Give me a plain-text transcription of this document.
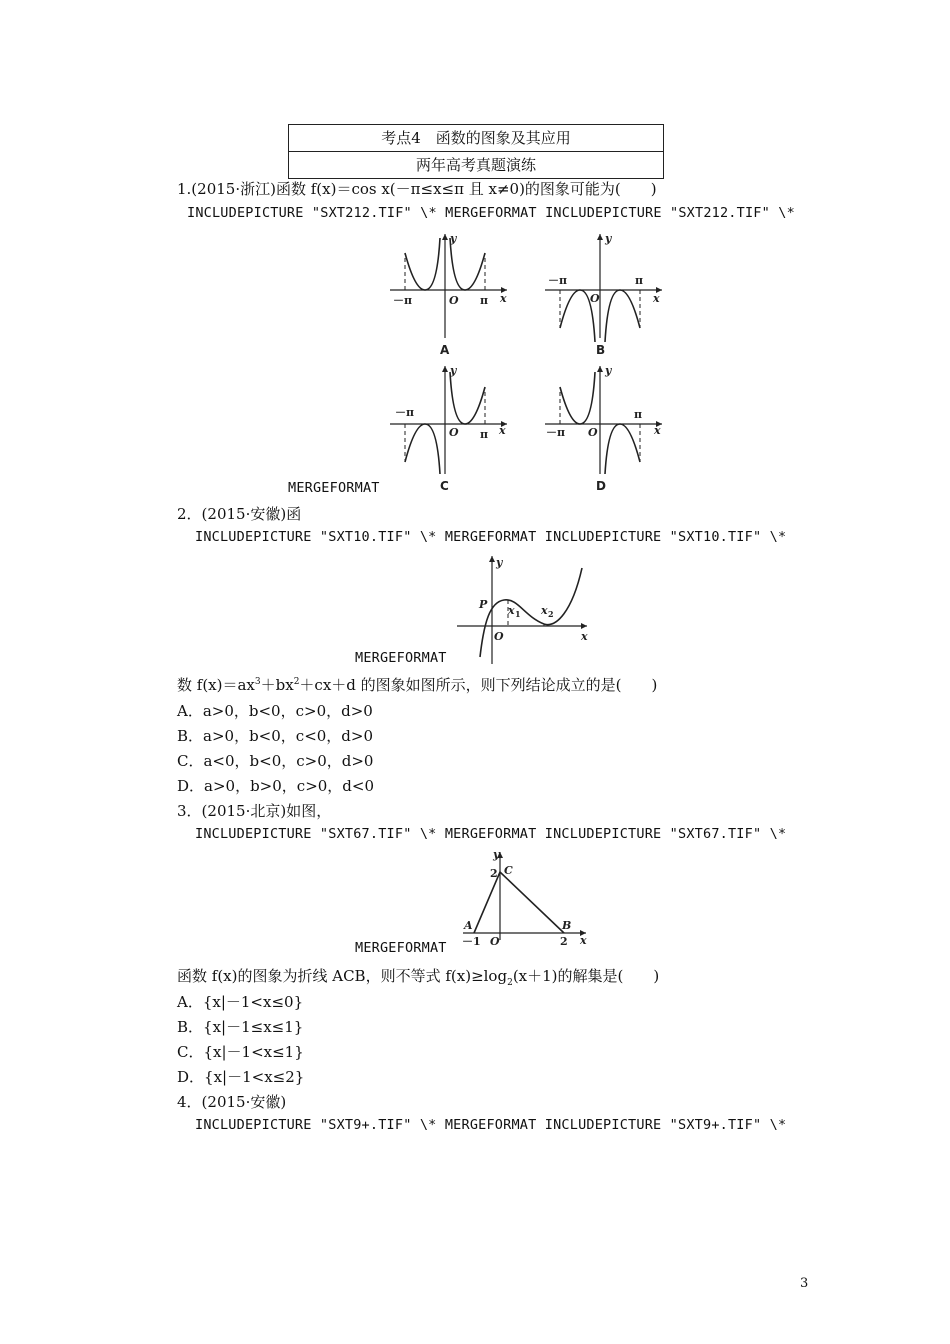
考点4　函数的图象及其应用
两年高考真题演练
1.(2015·浙江)函数 f(x)＝cos x(－π≤x≤π 且 x≠0)的图象可能为(　　)
INCLUDEPICTURE "SXT212.TIF" \* MERGEFORMAT INCLUDEPICTURE "SXT212.TIF" \*
－π	O π x
y
A
－π
O
π
x
y
B
－π
O π x
y
C
－π O
π
x
y
D
MERGEFORMAT
2．(2015·安徽)函
INCLUDEPICTURE "SXT10.TIF" \* MERGEFORMAT INCLUDEPICTURE "SXT10.TIF" \*
P x 1 x 2
O	x
y
MERGEFORMAT
数 $f(x)=ax^3+bx^2+cx+d$ 的图象如图所示，则下列结论成立的是(　　)
A．a>0，b<0，c>0，d>0
B．a>0，b<0，c<0，d>0
C．a<0，b<0，c>0，d>0
D．a>0，b>0，c>0，d<0
3．(2015·北京)如图，
INCLUDEPICTURE "SXT67.TIF" \* MERGEFORMAT INCLUDEPICTURE "SXT67.TIF" \*
y
2 C
A	B
－1 O	2 x
MERGEFORMAT
函数 f(x)的图象为折线 ACB，则不等式 $f(x)\ge\log_2(x+1)$的解集是(　　)
A．{x|－1<x≤0}
B．{x|－1≤x≤1}
C．{x|－1<x≤1}
D．{x|－1<x≤2}
4．(2015·安徽)
INCLUDEPICTURE "SXT9+.TIF" \* MERGEFORMAT INCLUDEPICTURE "SXT9+.TIF" \*
3
